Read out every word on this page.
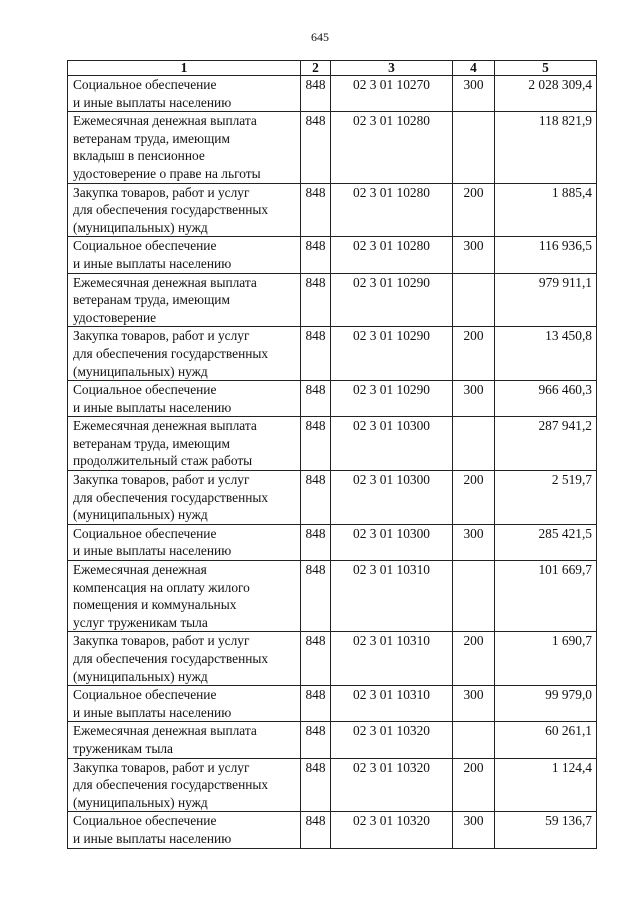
645
1	2	3	4	5
Социальное обеспечение
и иные выплаты населению	848	02 3 01 10270	300	2 028 309,4
Ежемесячная денежная выплата
ветеранам труда, имеющим
вкладыш в пенсионное
удостоверение о праве на льготы	848	02 3 01 10280		118 821,9
Закупка товаров, работ и услуг
для обеспечения государственных
(муниципальных) нужд	848	02 3 01 10280	200	1 885,4
Социальное обеспечение
и иные выплаты населению	848	02 3 01 10280	300	116 936,5
Ежемесячная денежная выплата
ветеранам труда, имеющим
удостоверение	848	02 3 01 10290		979 911,1
Закупка товаров, работ и услуг
для обеспечения государственных
(муниципальных) нужд	848	02 3 01 10290	200	13 450,8
Социальное обеспечение
и иные выплаты населению	848	02 3 01 10290	300	966 460,3
Ежемесячная денежная выплата
ветеранам труда, имеющим
продолжительный стаж работы	848	02 3 01 10300		287 941,2
Закупка товаров, работ и услуг
для обеспечения государственных
(муниципальных) нужд	848	02 3 01 10300	200	2 519,7
Социальное обеспечение
и иные выплаты населению	848	02 3 01 10300	300	285 421,5
Ежемесячная денежная
компенсация на оплату жилого
помещения и коммунальных
услуг труженикам тыла	848	02 3 01 10310		101 669,7
Закупка товаров, работ и услуг
для обеспечения государственных
(муниципальных) нужд	848	02 3 01 10310	200	1 690,7
Социальное обеспечение
и иные выплаты населению	848	02 3 01 10310	300	99 979,0
Ежемесячная денежная выплата
труженикам тыла	848	02 3 01 10320		60 261,1
Закупка товаров, работ и услуг
для обеспечения государственных
(муниципальных) нужд	848	02 3 01 10320	200	1 124,4
Социальное обеспечение
и иные выплаты населению	848	02 3 01 10320	300	59 136,7
